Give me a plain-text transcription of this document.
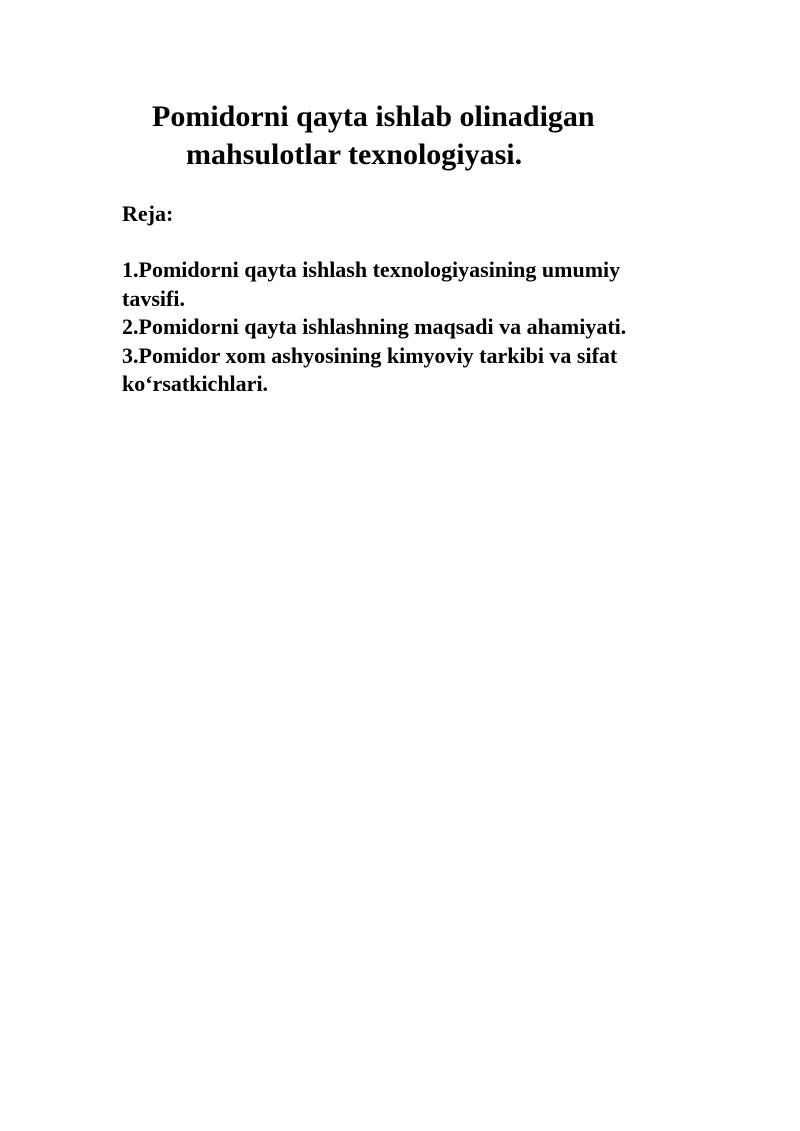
Pomidorni qayta ishlab olinadigan
mahsulotlar texnologiyasi.
Reja:
1.Pomidorni qayta ishlash texnologiyasining umumiy tavsifi.
2.Pomidorni qayta ishlashning maqsadi va ahamiyati.
3.Pomidor xom ashyosining kimyoviy tarkibi va sifat ko‘rsatkichlari.
